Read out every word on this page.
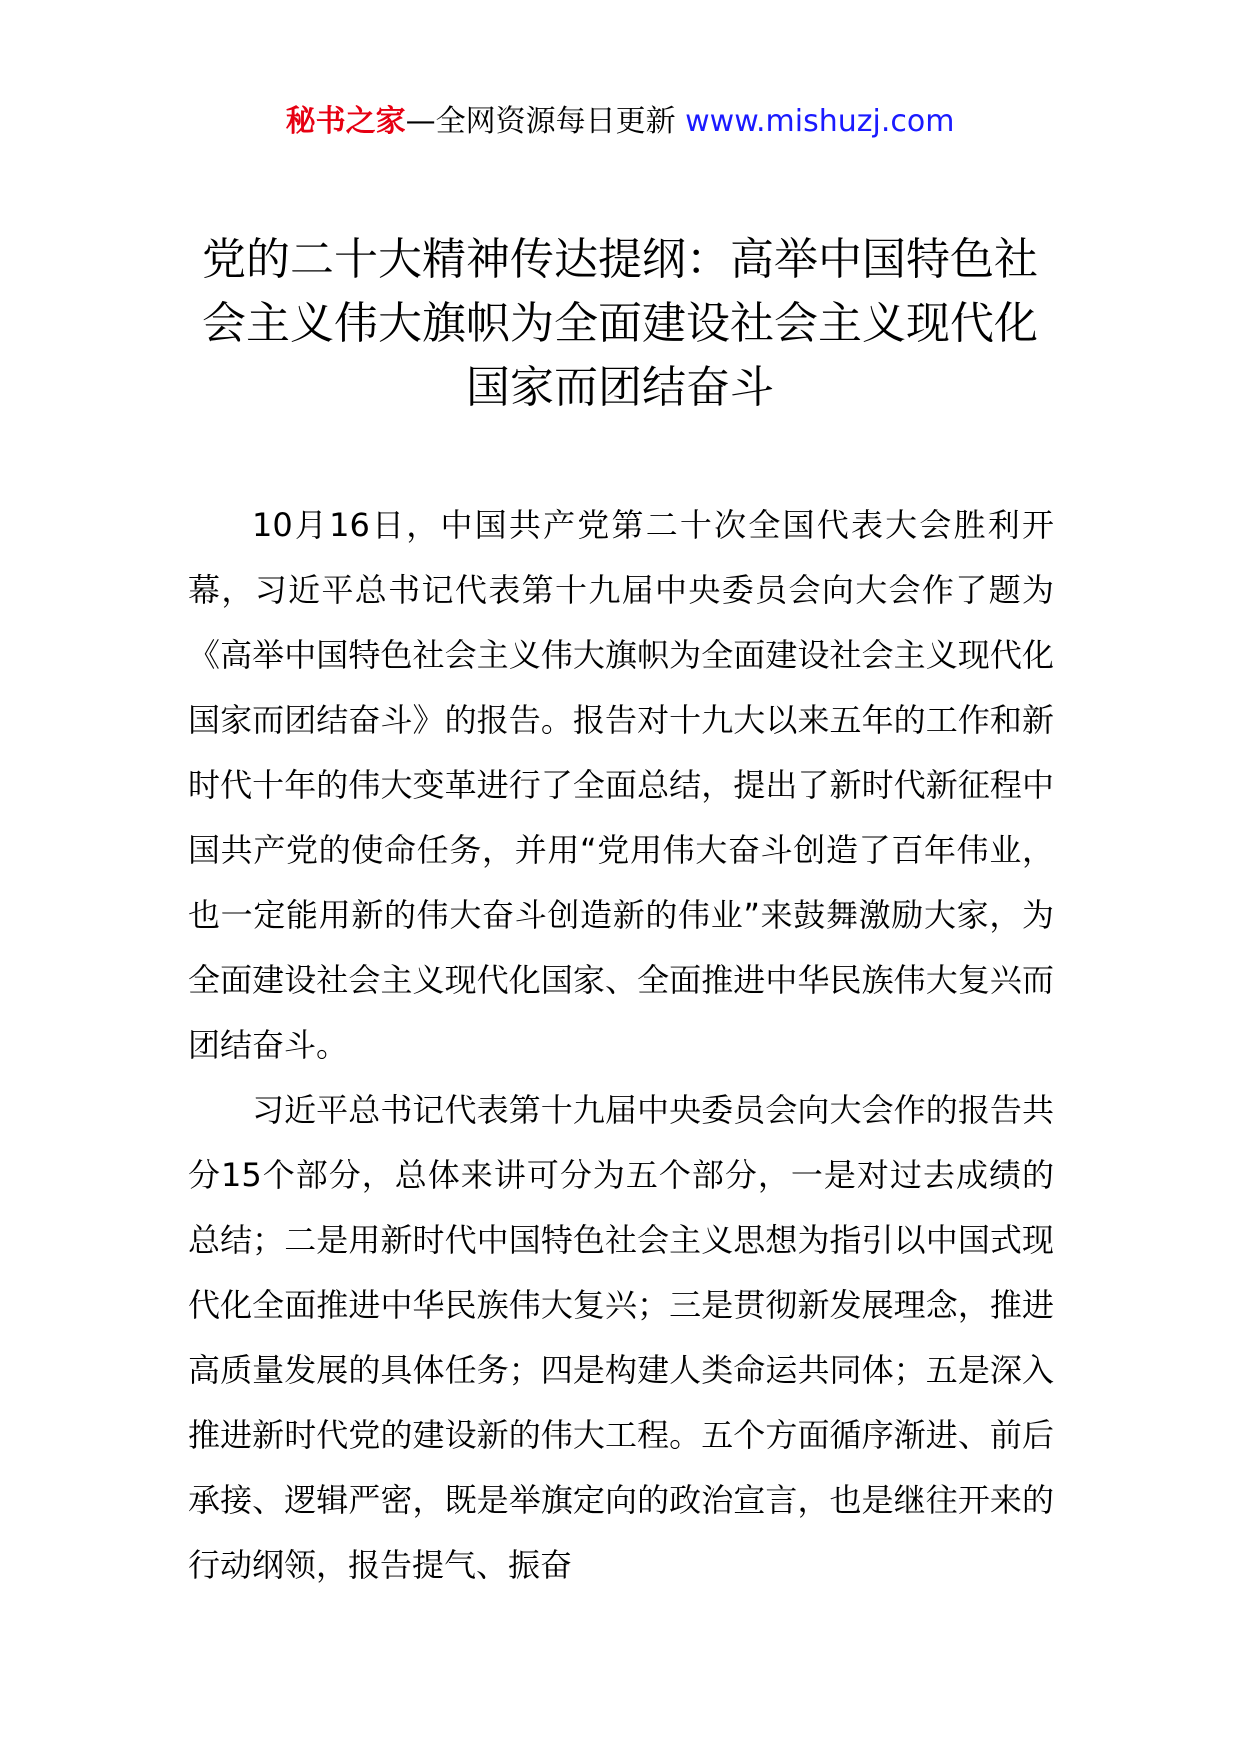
秘书之家—全网资源每日更新 www.mishuzj.com
党的二十大精神传达提纲：高举中国特色社会主义伟大旗帜为全面建设社会主义现代化国家而团结奋斗

10月16日，中国共产党第二十次全国代表大会胜利开幕，习近平总书记代表第十九届中央委员会向大会作了题为《高举中国特色社会主义伟大旗帜为全面建设社会主义现代化国家而团结奋斗》的报告。报告对十九大以来五年的工作和新时代十年的伟大变革进行了全面总结，提出了新时代新征程中国共产党的使命任务，并用“党用伟大奋斗创造了百年伟业，也一定能用新的伟大奋斗创造新的伟业”来鼓舞激励大家，为全面建设社会主义现代化国家、全面推进中华民族伟大复兴而团结奋斗。

习近平总书记代表第十九届中央委员会向大会作的报告共分15个部分，总体来讲可分为五个部分，一是对过去成绩的总结；二是用新时代中国特色社会主义思想为指引以中国式现代化全面推进中华民族伟大复兴；三是贯彻新发展理念，推进高质量发展的具体任务；四是构建人类命运共同体；五是深入推进新时代党的建设新的伟大工程。五个方面循序渐进、前后承接、逻辑严密，既是举旗定向的政治宣言，也是继往开来的行动纲领，报告提气、振奋
